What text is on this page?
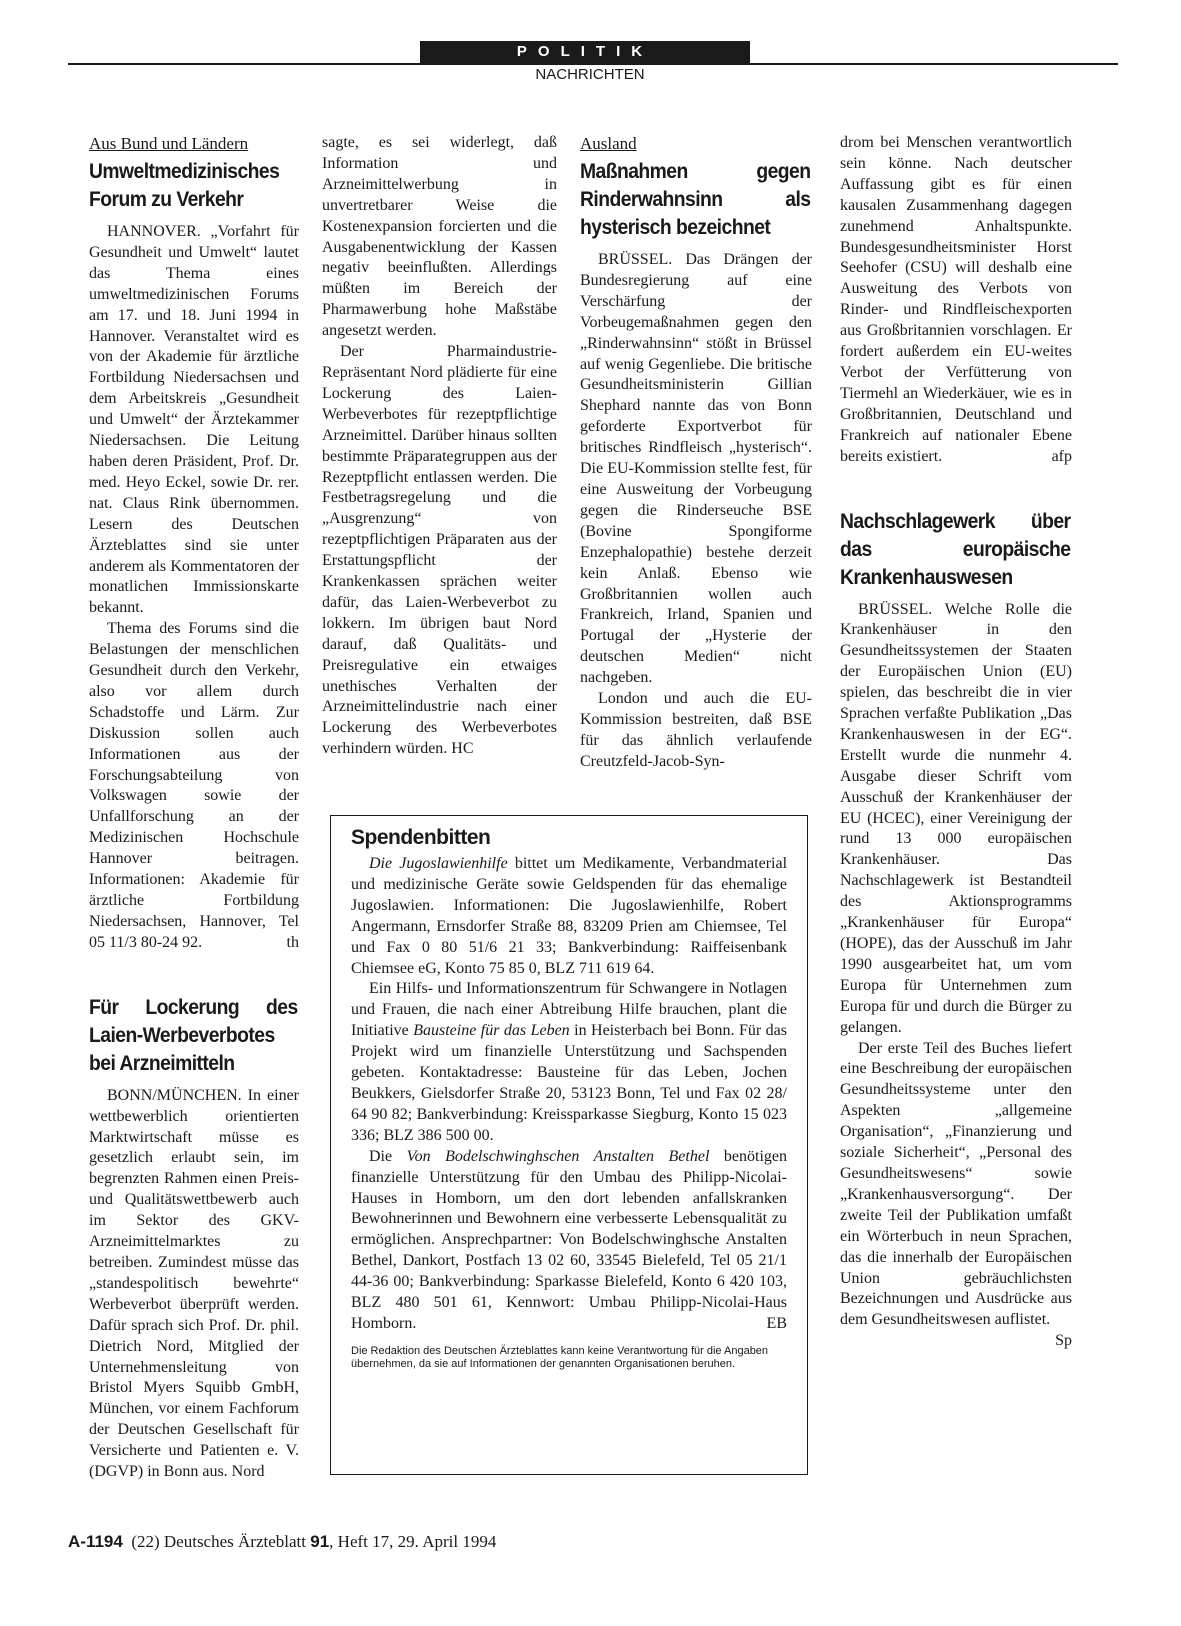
POLITIK
NACHRICHTEN
Aus Bund und Ländern
Umweltmedizinisches Forum zu Verkehr

HANNOVER. „Vorfahrt für Gesundheit und Umwelt“ lautet das Thema eines umweltmedizinischen Forums am 17. und 18. Juni 1994 in Hannover. Veranstaltet wird es von der Akademie für ärztliche Fortbildung Niedersachsen und dem Arbeitskreis „Gesundheit und Umwelt“ der Ärztekammer Niedersachsen. Die Leitung haben deren Präsident, Prof. Dr. med. Heyo Eckel, sowie Dr. rer. nat. Claus Rink übernommen. Lesern des Deutschen Ärzteblattes sind sie unter anderem als Kommentatoren der monatlichen Immissionskarte bekannt.

Thema des Forums sind die Belastungen der menschlichen Gesundheit durch den Verkehr, also vor allem durch Schadstoffe und Lärm. Zur Diskussion sollen auch Informationen aus der Forschungsabteilung von Volkswagen sowie der Unfallforschung an der Medizinischen Hochschule Hannover beitragen. Informationen: Akademie für ärztliche Fortbildung Niedersachsen, Hannover, Tel 05 11/3 80-24 92.	th

Für Lockerung des Laien-Werbeverbotes bei Arzneimitteln

BONN/MÜNCHEN. In einer wettbewerblich orientierten Marktwirtschaft müsse es gesetzlich erlaubt sein, im begrenzten Rahmen einen Preis- und Qualitätswettbewerb auch im Sektor des GKV-Arzneimittelmarktes zu betreiben. Zumindest müsse das „standespolitisch bewehrte“ Werbeverbot überprüft werden. Dafür sprach sich Prof. Dr. phil. Dietrich Nord, Mitglied der Unternehmensleitung von Bristol Myers Squibb GmbH, München, vor einem Fachforum der Deutschen Gesellschaft für Versicherte und Patienten e. V. (DGVP) in Bonn aus. Nord

sagte, es sei widerlegt, daß Information und Arzneimittelwerbung in unvertretbarer Weise die Kostenexpansion forcierten und die Ausgabenentwicklung der Kassen negativ beeinflußten. Allerdings müßten im Bereich der Pharmawerbung hohe Maßstäbe angesetzt werden.

Der Pharmaindustrie-Repräsentant Nord plädierte für eine Lockerung des Laien-Werbeverbotes für rezeptpflichtige Arzneimittel. Darüber hinaus sollten bestimmte Präparategruppen aus der Rezeptpflicht entlassen werden. Die Festbetragsregelung und die „Ausgrenzung“ von rezeptpflichtigen Präparaten aus der Erstattungspflicht der Krankenkassen sprächen weiter dafür, das Laien-Werbeverbot zu lokkern. Im übrigen baut Nord darauf, daß Qualitäts- und Preisregulative ein etwaiges unethisches Verhalten der Arzneimittelindustrie nach einer Lockerung des Werbeverbotes verhindern würden. HC

Ausland
Maßnahmen gegen Rinderwahnsinn als hysterisch bezeichnet

BRÜSSEL. Das Drängen der Bundesregierung auf eine Verschärfung der Vorbeugemaßnahmen gegen den „Rinderwahnsinn“ stößt in Brüssel auf wenig Gegenliebe. Die britische Gesundheitsministerin Gillian Shephard nannte das von Bonn geforderte Exportverbot für britisches Rindfleisch „hysterisch“. Die EU-Kommission stellte fest, für eine Ausweitung der Vorbeugung gegen die Rinderseuche BSE (Bovine Spongiforme Enzephalopathie) bestehe derzeit kein Anlaß. Ebenso wie Großbritannien wollen auch Frankreich, Irland, Spanien und Portugal der „Hysterie der deutschen Medien“ nicht nachgeben.

London und auch die EU-Kommission bestreiten, daß BSE für das ähnlich verlaufende Creutzfeld-Jacob-Syn-

drom bei Menschen verantwortlich sein könne. Nach deutscher Auffassung gibt es für einen kausalen Zusammenhang dagegen zunehmend Anhaltspunkte. Bundesgesundheitsminister Horst Seehofer (CSU) will deshalb eine Ausweitung des Verbots von Rinder- und Rindfleischexporten aus Großbritannien vorschlagen. Er fordert außerdem ein EU-weites Verbot der Verfütterung von Tiermehl an Wiederkäuer, wie es in Großbritannien, Deutschland und Frankreich auf nationaler Ebene bereits existiert.	afp

Nachschlagewerk über das europäische Krankenhauswesen

BRÜSSEL. Welche Rolle die Krankenhäuser in den Gesundheitssystemen der Staaten der Europäischen Union (EU) spielen, das beschreibt die in vier Sprachen verfaßte Publikation „Das Krankenhauswesen in der EG“. Erstellt wurde die nunmehr 4. Ausgabe dieser Schrift vom Ausschuß der Krankenhäuser der EU (HCEC), einer Vereinigung der rund 13 000 europäischen Krankenhäuser. Das Nachschlagewerk ist Bestandteil des Aktionsprogramms „Krankenhäuser für Europa“ (HOPE), das der Ausschuß im Jahr 1990 ausgearbeitet hat, um vom Europa für Unternehmen zum Europa für und durch die Bürger zu gelangen.

Der erste Teil des Buches liefert eine Beschreibung der europäischen Gesundheitssysteme unter den Aspekten „allgemeine Organisation“, „Finanzierung und soziale Sicherheit“, „Personal des Gesundheitswesens“ sowie „Krankenhausversorgung“. Der zweite Teil der Publikation umfaßt ein Wörterbuch in neun Sprachen, das die innerhalb der Europäischen Union gebräuchlichsten Bezeichnungen und Ausdrücke aus dem Gesundheitswesen auflistet.
Sp

Spendenbitten

Die Jugoslawienhilfe bittet um Medikamente, Verbandmaterial und medizinische Geräte sowie Geldspenden für das ehemalige Jugoslawien. Informationen: Die Jugoslawienhilfe, Robert Angermann, Ernsdorfer Straße 88, 83209 Prien am Chiemsee, Tel und Fax 0 80 51/6 21 33; Bankverbindung: Raiffeisenbank Chiemsee eG, Konto 75 85 0, BLZ 711 619 64.

Ein Hilfs- und Informationszentrum für Schwangere in Notlagen und Frauen, die nach einer Abtreibung Hilfe brauchen, plant die Initiative Bausteine für das Leben in Heisterbach bei Bonn. Für das Projekt wird um finanzielle Unterstützung und Sachspenden gebeten. Kontaktadresse: Bausteine für das Leben, Jochen Beukkers, Gielsdorfer Straße 20, 53123 Bonn, Tel und Fax 02 28/ 64 90 82; Bankverbindung: Kreissparkasse Siegburg, Konto 15 023 336; BLZ 386 500 00.

Die Von Bodelschwinghschen Anstalten Bethel benötigen finanzielle Unterstützung für den Umbau des Philipp-Nicolai-Hauses in Homborn, um den dort lebenden anfallskranken Bewohnerinnen und Bewohnern eine verbesserte Lebensqualität zu ermöglichen. Ansprechpartner: Von Bodelschwinghsche Anstalten Bethel, Dankort, Postfach 13 02 60, 33545 Bielefeld, Tel 05 21/1 44-36 00; Bankverbindung: Sparkasse Bielefeld, Konto 6 420 103, BLZ 480 501 61, Kennwort: Umbau Philipp-Nicolai-Haus Homborn.	EB

Die Redaktion des Deutschen Ärzteblattes kann keine Verantwortung für die Angaben übernehmen, da sie auf Informationen der genannten Organisationen beruhen.
A-1194 (22) Deutsches Ärzteblatt 91, Heft 17, 29. April 1994
